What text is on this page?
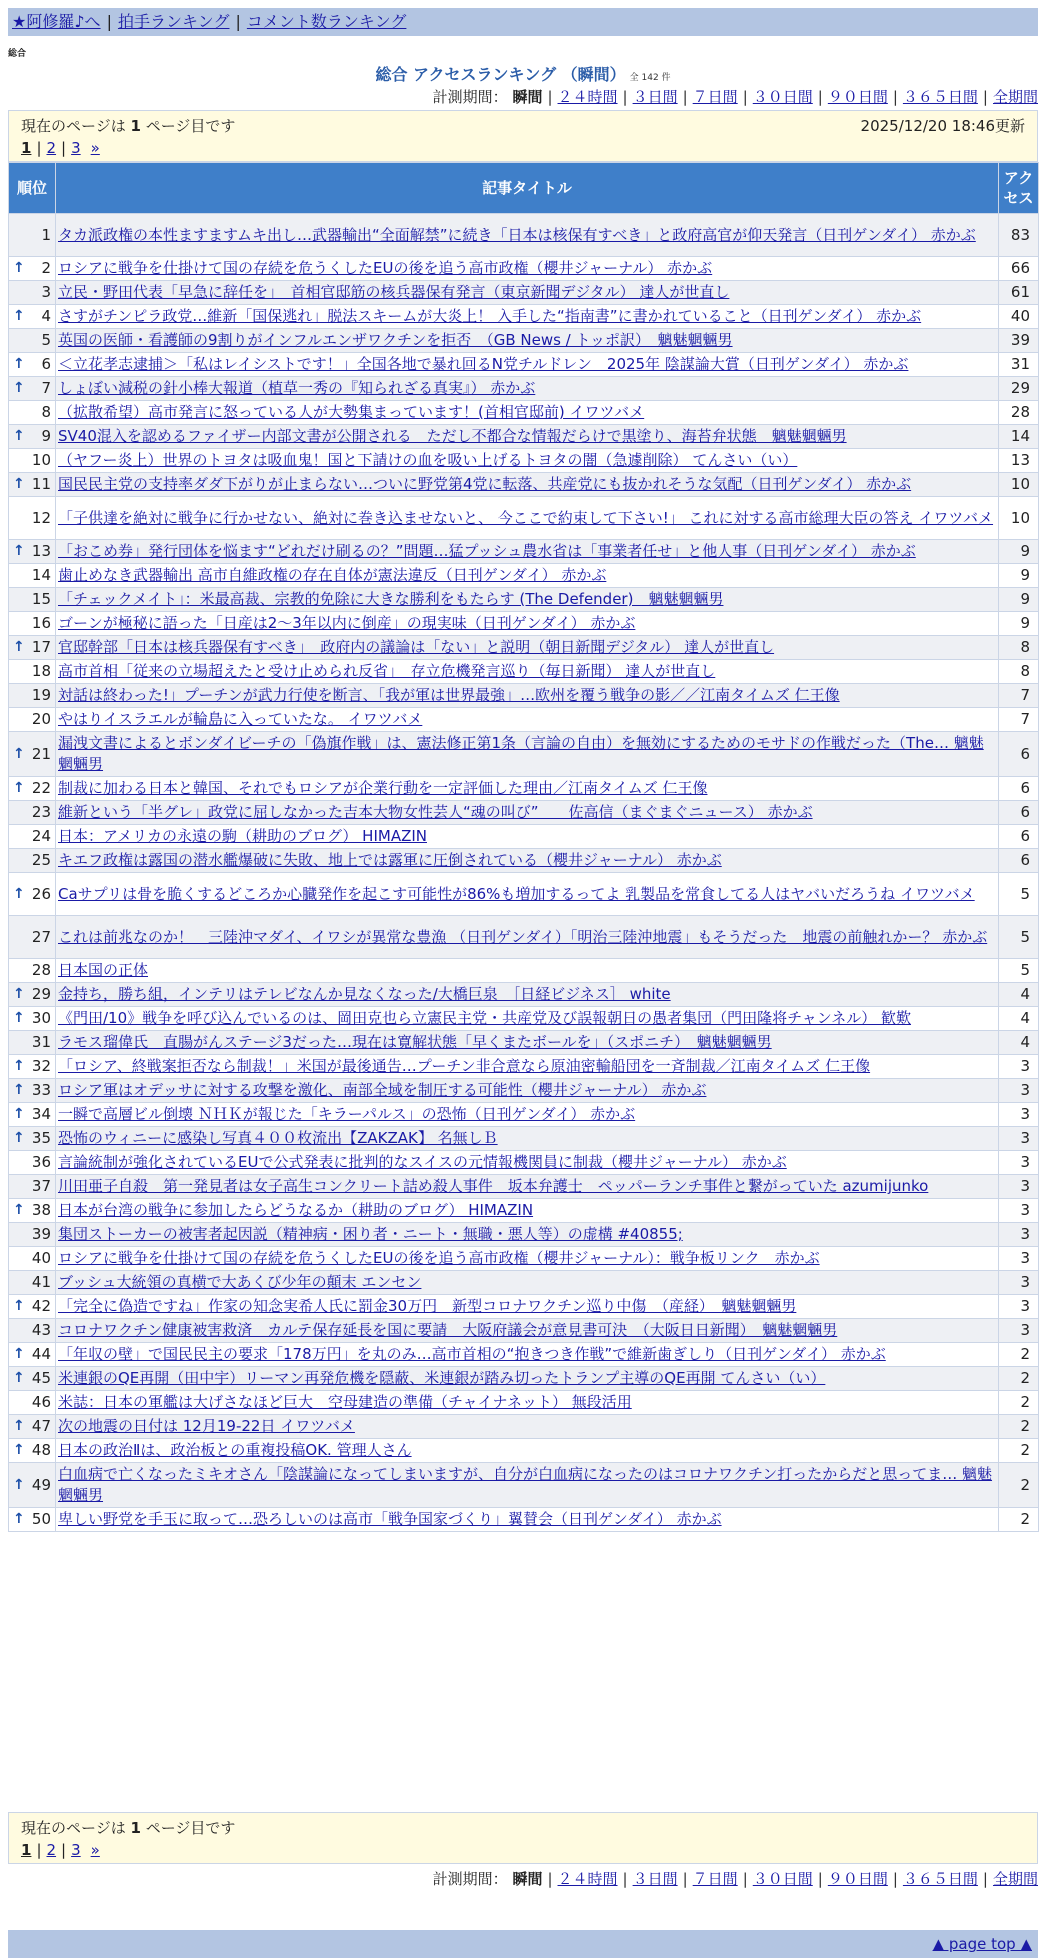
★阿修羅♪へ | 拍手ランキング | コメント数ランキング
総合
総合 アクセスランキング （瞬間） 全 142 件
計測期間： 瞬間 | ２４時間 | ３日間 | ７日間 | ３０日間 | ９０日間 | ３６５日間 | 全期間
現在のページは 1 ページ目です	2025/12/20 18:46更新
1 | 2 | 3 »
順位	記事タイトル	アクセス
1	タカ派政権の本性ますますムキ出し…武器輸出“全面解禁”に続き「日本は核保有すべき」と政府高官が仰天発言（日刊ゲンダイ） 赤かぶ	83

↑ 2	ロシアに戦争を仕掛けて国の存続を危うくしたEUの後を追う高市政権（櫻井ジャーナル） 赤かぶ	66
3	立民・野田代表「早急に辞任を」　首相官邸筋の核兵器保有発言（東京新聞デジタル） 達人が世直し	61

↑ 4	さすがチンピラ政党…維新「国保逃れ」脱法スキームが大炎上！ 入手した“指南書”に書かれていること（日刊ゲンダイ） 赤かぶ	40
5	英国の医師・看護師の9割りがインフルエンザワクチンを拒否　（GB News / トッポ訳）　魑魅魍魎男	39

↑ 6	＜立花孝志逮捕＞「私はレイシストです！」全国各地で暴れ回るN党チルドレン　2025年 陰謀論大賞（日刊ゲンダイ） 赤かぶ	31

↑ 7	しょぼい減税の針小棒大報道（植草一秀の『知られざる真実』） 赤かぶ	29
8	（拡散希望）高市発言に怒っている人が大勢集まっています！(首相官邸前) イワツバメ	28

↑ 9	SV40混入を認めるファイザー内部文書が公開される　ただし不都合な情報だらけで黒塗り、海苔弁状態　魑魅魍魎男	14
10	（ヤフー炎上）世界のトヨタは吸血鬼！国と下請けの血を吸い上げるトヨタの闇（急遽削除） てんさい（い）	13

↑ 11	国民民主党の支持率ダダ下がりが止まらない…ついに野党第4党に転落、共産党にも抜かれそうな気配（日刊ゲンダイ） 赤かぶ	10
12	「子供達を絶対に戦争に行かせない、絶対に巻き込ませないと、 今ここで約束して下さい!」 これに対する高市総理大臣の答え イワツバメ	10

↑ 13	「おこめ券」発行団体を悩ます“どれだけ刷るの？”問題…猛プッシュ農水省は「事業者任せ」と他人事（日刊ゲンダイ） 赤かぶ	9
14	歯止めなき武器輸出 高市自維政権の存在自体が憲法違反（日刊ゲンダイ） 赤かぶ	9
15	「チェックメイト」：米最高裁、宗教的免除に大きな勝利をもたらす (The Defender)　魑魅魍魎男	9
16	ゴーンが極秘に語った「日産は2～3年以内に倒産」の現実味（日刊ゲンダイ） 赤かぶ	9

↑ 17	官邸幹部「日本は核兵器保有すべき」　政府内の議論は「ない」と説明（朝日新聞デジタル） 達人が世直し	8
18	高市首相「従来の立場超えたと受け止められ反省」　存立危機発言巡り（毎日新聞） 達人が世直し	8
19	対話は終わった!」プーチンが武力行使を断言、「我が軍は世界最強」…欧州を覆う戦争の影／／江南タイムズ 仁王像	7
20	やはりイスラエルが輪島に入っていたな。 イワツバメ	7

↑ 21	漏洩文書によるとボンダイビーチの「偽旗作戦」は、憲法修正第1条（言論の自由）を無効にするためのモサドの作戦だった（The… 魑魅魍魎男	6

↑ 22	制裁に加わる日本と韓国、それでもロシアが企業行動を一定評価した理由／江南タイムズ 仁王像	6
23	維新という「半グレ」政党に屈しなかった吉本大物女性芸人“魂の叫び”　　佐高信（まぐまぐニュース） 赤かぶ	6
24	日本：アメリカの永遠の駒（耕助のブログ） HIMAZIN	6
25	キエフ政権は露国の潜水艦爆破に失敗、地上では露軍に圧倒されている（櫻井ジャーナル） 赤かぶ	6

↑ 26	Caサプリは骨を脆くするどころか心臓発作を起こす可能性が86%も増加するってよ 乳製品を常食してる人はヤバいだろうね イワツバメ	5
27	これは前兆なのか！　三陸沖マダイ、イワシが異常な豊漁 （日刊ゲンダイ）「明治三陸沖地震」もそうだった　地震の前触れかー？ 赤かぶ	5
28	日本国の正体	5

↑ 29	金持ち，勝ち組，インテリはテレビなんか見なくなった/大橋巨泉　［日経ビジネス］ white	4

↑ 30	《門田/10》戦争を呼び込んでいるのは、岡田克也ら立憲民主党・共産党及び誤報朝日の愚者集団（門田隆将チャンネル） 歓歎	4
31	ラモス瑠偉氏　直腸がんステージ3だった…現在は寛解状態「早くまたボールを」（スポニチ）　魑魅魍魎男	4

↑ 32	「ロシア、終戦案拒否なら制裁！」米国が最後通告…プーチン非合意なら原油密輸船団を一斉制裁／江南タイムズ 仁王像	3

↑ 33	ロシア軍はオデッサに対する攻撃を激化、南部全域を制圧する可能性（櫻井ジャーナル） 赤かぶ	3

↑ 34	一瞬で高層ビル倒壊 ＮＨＫが報じた「キラーパルス」の恐怖（日刊ゲンダイ） 赤かぶ	3

↑ 35	恐怖のウィニーに感染し写真４００枚流出【ZAKZAK】 名無しＢ	3
36	言論統制が強化されているEUで公式発表に批判的なスイスの元情報機関員に制裁（櫻井ジャーナル） 赤かぶ	3
37	川田亜子自殺　第一発見者は女子高生コンクリート詰め殺人事件　坂本弁護士　ペッパーランチ事件と繋がっていた azumijunko	3

↑ 38	日本が台湾の戦争に参加したらどうなるか（耕助のブログ） HIMAZIN	3
39	集団ストーカーの被害者起因説（精神病・困り者・ニート・無職・悪人等）の虚構 #40855;	3
40	ロシアに戦争を仕掛けて国の存続を危うくしたEUの後を追う高市政権（櫻井ジャーナル）：戦争板リンク　赤かぶ	3
41	ブッシュ大統領の真横で大あくび少年の顛末 エンセン	3

↑ 42	「完全に偽造ですね」作家の知念実希人氏に罰金30万円　新型コロナワクチン巡り中傷　（産経）　魑魅魍魎男	3
43	コロナワクチン健康被害救済　カルテ保存延長を国に要請　大阪府議会が意見書可決　（大阪日日新聞）　魑魅魍魎男	3

↑ 44	「年収の壁」で国民民主の要求「178万円」を丸のみ…高市首相の“抱きつき作戦”で維新歯ぎしり（日刊ゲンダイ） 赤かぶ	2

↑ 45	米連銀のQE再開（田中宇）リーマン再発危機を隠蔽、米連銀が踏み切ったトランプ主導のQE再開 てんさい（い）	2
46	米誌：日本の軍艦は大げさなほど巨大　空母建造の準備（チャイナネット） 無段活用	2

↑ 47	次の地震の日付は 12月19-22日 イワツバメ	2

↑ 48	日本の政治Ⅱは、政治板との重複投稿OK. 管理人さん	2

↑ 49	白血病で亡くなったミキオさん「陰謀論になってしまいますが、自分が白血病になったのはコロナワクチン打ったからだと思ってま… 魑魅魍魎男	2

↑ 50	卑しい野党を手玉に取って…恐ろしいのは高市「戦争国家づくり」翼賛会（日刊ゲンダイ） 赤かぶ	2
現在のページは 1 ページ目です
1 | 2 | 3 »
計測期間： 瞬間 | ２４時間 | ３日間 | ７日間 | ３０日間 | ９０日間 | ３６５日間 | 全期間
▲ page top ▲
